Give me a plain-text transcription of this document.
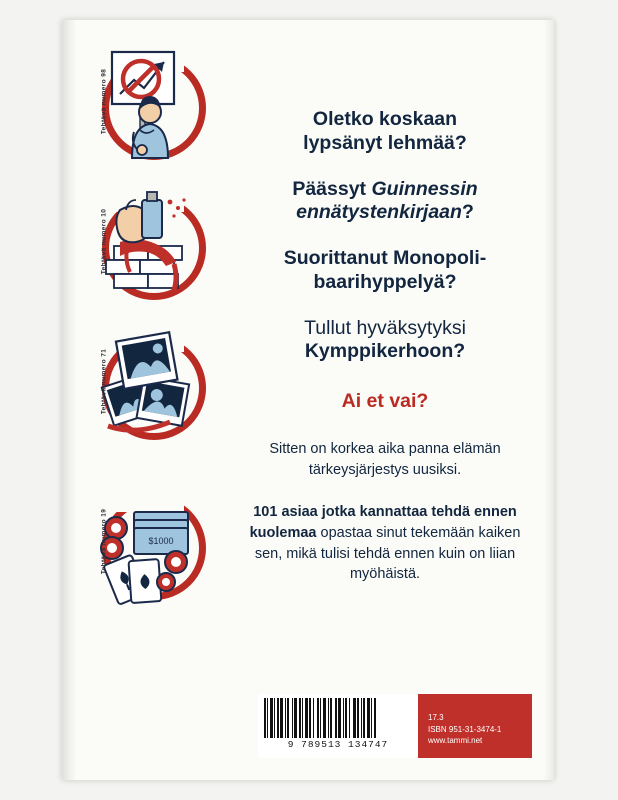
Tehtävä numero 98
Tehtävä numero 10
Tehtävä numero 71
$1000
Tehtävä numero 19

Oletko koskaan
lypsänyt lehmää?

Päässyt Guinnessin
ennätystenkirjaan?

Suorittanut Monopoli-
baarihyppelyä?

Tullut hyväksytyksi
Kymppikerhoon?

Ai et vai?

Sitten on korkea aika panna elämän tärkeysjärjestys uusiksi.

101 asiaa jotka kannattaa tehdä ennen kuolemaa opastaa sinut tekemään kaiken sen, mikä tulisi tehdä ennen kuin on liian myöhäistä.

9 789513 134747
17.3
ISBN 951-31-3474-1
www.tammi.net
